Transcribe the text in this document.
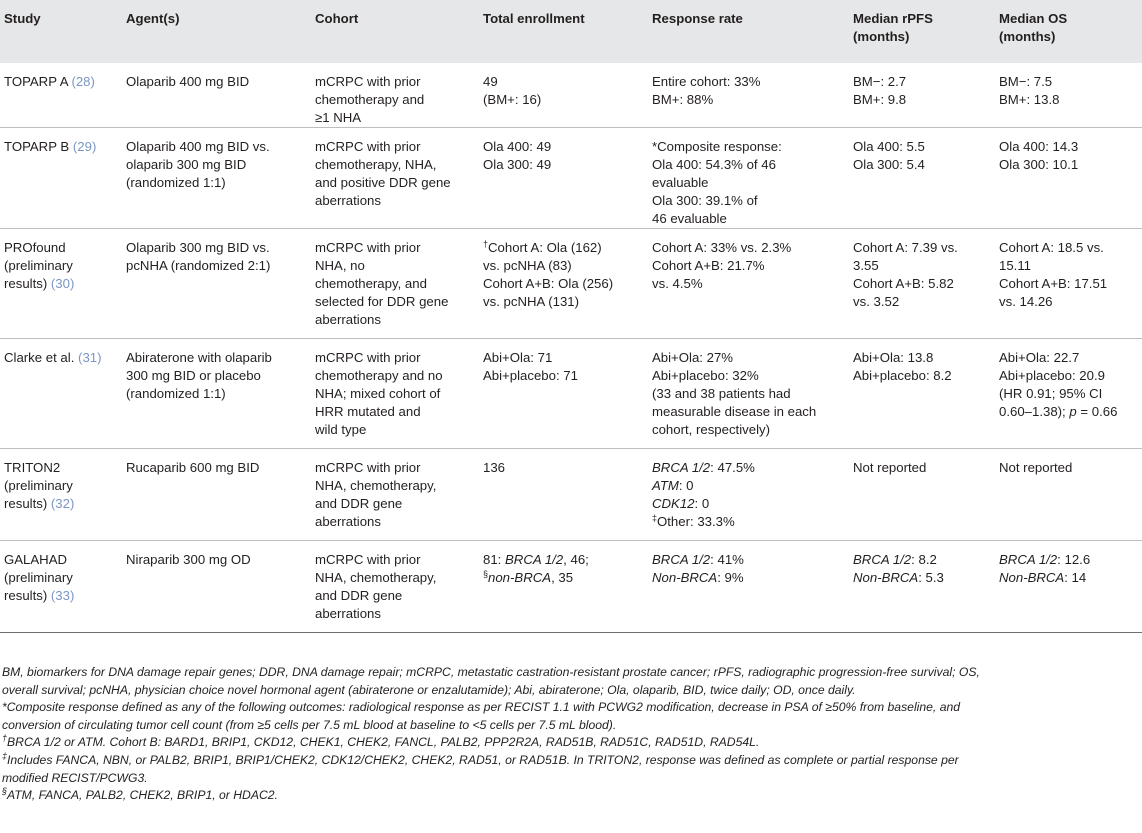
Study	Agent(s)	Cohort	Total enrollment	Response rate	Median rPFS
(months)	Median OS
(months)

TOPARP A (28)	Olaparib 400 mg BID	mCRPC with prior
chemotherapy and
≥1 NHA	49
(BM+: 16)	Entire cohort: 33%
BM+: 88%	BM−: 2.7
BM+: 9.8	BM−: 7.5
BM+: 13.8

TOPARP B (29)	Olaparib 400 mg BID vs.
olaparib 300 mg BID
(randomized 1:1)	mCRPC with prior
chemotherapy, NHA,
and positive DDR gene
aberrations	Ola 400: 49
Ola 300: 49	*Composite response:
Ola 400: 54.3% of 46
evaluable
Ola 300: 39.1% of
46 evaluable	Ola 400: 5.5
Ola 300: 5.4	Ola 400: 14.3
Ola 300: 10.1

PROfound
(preliminary
results) (30)	Olaparib 300 mg BID vs.
pcNHA (randomized 2:1)	mCRPC with prior
NHA, no
chemotherapy, and
selected for DDR gene
aberrations	†Cohort A: Ola (162)
vs. pcNHA (83)
Cohort A+B: Ola (256)
vs. pcNHA (131)	Cohort A: 33% vs. 2.3%
Cohort A+B: 21.7%
vs. 4.5%	Cohort A: 7.39 vs.
3.55
Cohort A+B: 5.82
vs. 3.52	Cohort A: 18.5 vs.
15.11
Cohort A+B: 17.51
vs. 14.26

Clarke et al. (31)	Abiraterone with olaparib
300 mg BID or placebo
(randomized 1:1)	mCRPC with prior
chemotherapy and no
NHA; mixed cohort of
HRR mutated and
wild type	Abi+Ola: 71
Abi+placebo: 71	Abi+Ola: 27%
Abi+placebo: 32%
(33 and 38 patients had
measurable disease in each
cohort, respectively)	Abi+Ola: 13.8
Abi+placebo: 8.2	Abi+Ola: 22.7
Abi+placebo: 20.9
(HR 0.91; 95% CI
0.60–1.38); p = 0.66

TRITON2
(preliminary
results) (32)	Rucaparib 600 mg BID	mCRPC with prior
NHA, chemotherapy,
and DDR gene
aberrations	136	BRCA 1/2: 47.5%
ATM: 0
CDK12: 0
‡Other: 33.3%	Not reported	Not reported

GALAHAD
(preliminary
results) (33)	Niraparib 300 mg OD	mCRPC with prior
NHA, chemotherapy,
and DDR gene
aberrations	81: BRCA 1/2, 46;
§non-BRCA, 35	BRCA 1/2: 41%
Non-BRCA: 9%	BRCA 1/2: 8.2
Non-BRCA: 5.3	BRCA 1/2: 12.6
Non-BRCA: 14

BM, biomarkers for DNA damage repair genes; DDR, DNA damage repair; mCRPC, metastatic castration-resistant prostate cancer; rPFS, radiographic progression-free survival; OS,
overall survival; pcNHA, physician choice novel hormonal agent (abiraterone or enzalutamide); Abi, abiraterone; Ola, olaparib, BID, twice daily; OD, once daily.

*Composite response defined as any of the following outcomes: radiological response as per RECIST 1.1 with PCWG2 modification, decrease in PSA of ≥50% from baseline, and
conversion of circulating tumor cell count (from ≥5 cells per 7.5 mL blood at baseline to <5 cells per 7.5 mL blood).

†BRCA 1/2 or ATM. Cohort B: BARD1, BRIP1, CKD12, CHEK1, CHEK2, FANCL, PALB2, PPP2R2A, RAD51B, RAD51C, RAD51D, RAD54L.

‡Includes FANCA, NBN, or PALB2, BRIP1, BRIP1/CHEK2, CDK12/CHEK2, CHEK2, RAD51, or RAD51B. In TRITON2, response was defined as complete or partial response per
modified RECIST/PCWG3.

§ATM, FANCA, PALB2, CHEK2, BRIP1, or HDAC2.
